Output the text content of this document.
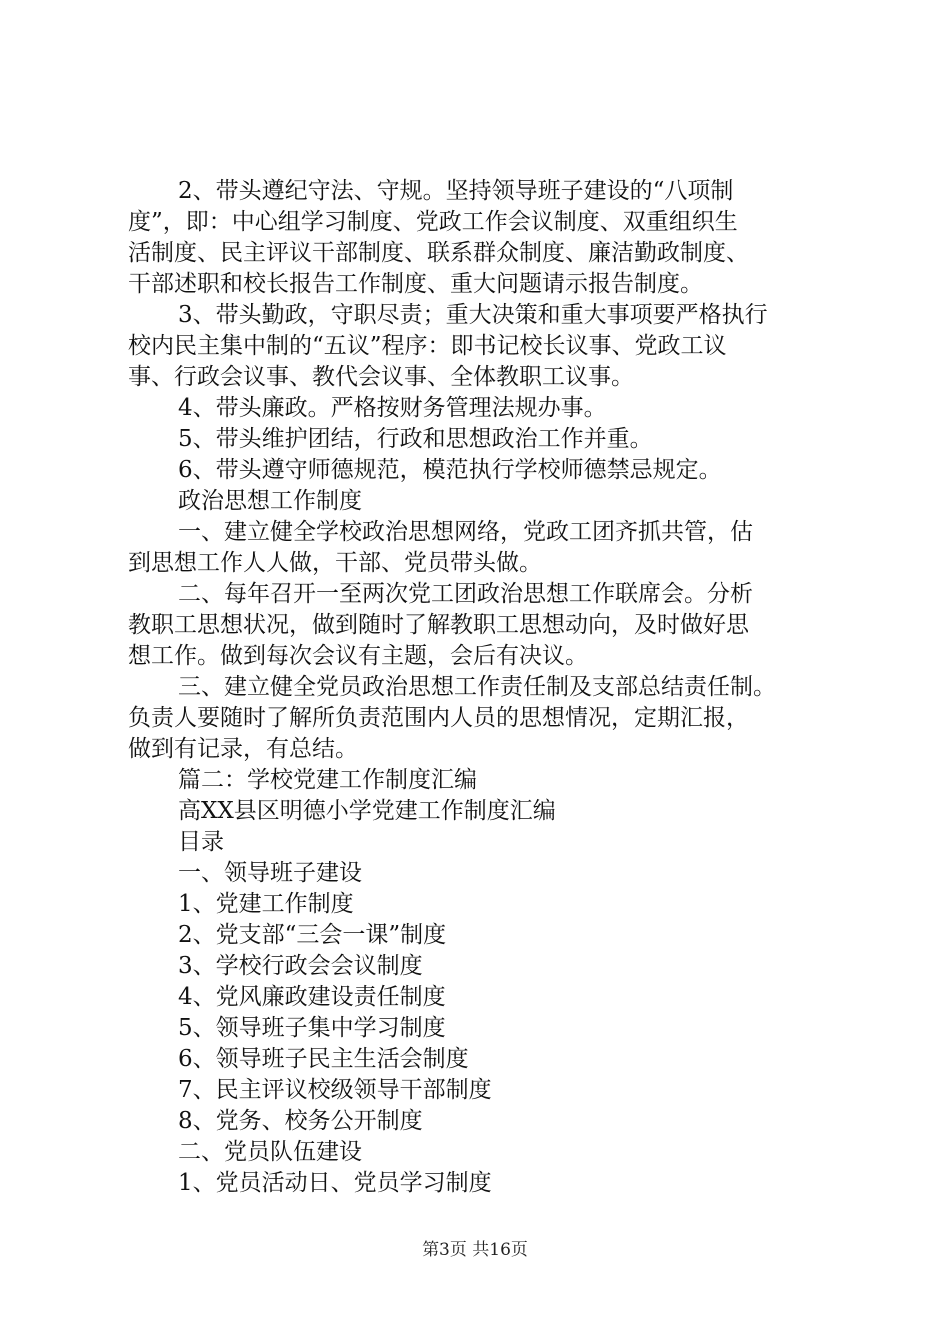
2、带头遵纪守法、守规。坚持领导班子建设的“八项制
度”，即：中心组学习制度、党政工作会议制度、双重组织生
活制度、民主评议干部制度、联系群众制度、廉洁勤政制度、
干部述职和校长报告工作制度、重大问题请示报告制度。
3、带头勤政，守职尽责；重大决策和重大事项要严格执行
校内民主集中制的“五议”程序：即书记校长议事、党政工议
事、行政会议事、教代会议事、全体教职工议事。
4、带头廉政。严格按财务管理法规办事。
5、带头维护团结，行政和思想政治工作并重。
6、带头遵守师德规范，模范执行学校师德禁忌规定。
政治思想工作制度
一、建立健全学校政治思想网络，党政工团齐抓共管，估
到思想工作人人做，干部、党员带头做。
二、每年召开一至两次党工团政治思想工作联席会。分析
教职工思想状况，做到随时了解教职工思想动向，及时做好思
想工作。做到每次会议有主题，会后有决议。
三、建立健全党员政治思想工作责任制及支部总结责任制。
负责人要随时了解所负责范围内人员的思想情况，定期汇报，
做到有记录，有总结。
篇二：学校党建工作制度汇编
高XX县区明德小学党建工作制度汇编
目录
一、领导班子建设
1、党建工作制度
2、党支部“三会一课”制度
3、学校行政会会议制度
4、党风廉政建设责任制度
5、领导班子集中学习制度
6、领导班子民主生活会制度
7、民主评议校级领导干部制度
8、党务、校务公开制度
二、党员队伍建设
1、党员活动日、党员学习制度
第3页 共16页
